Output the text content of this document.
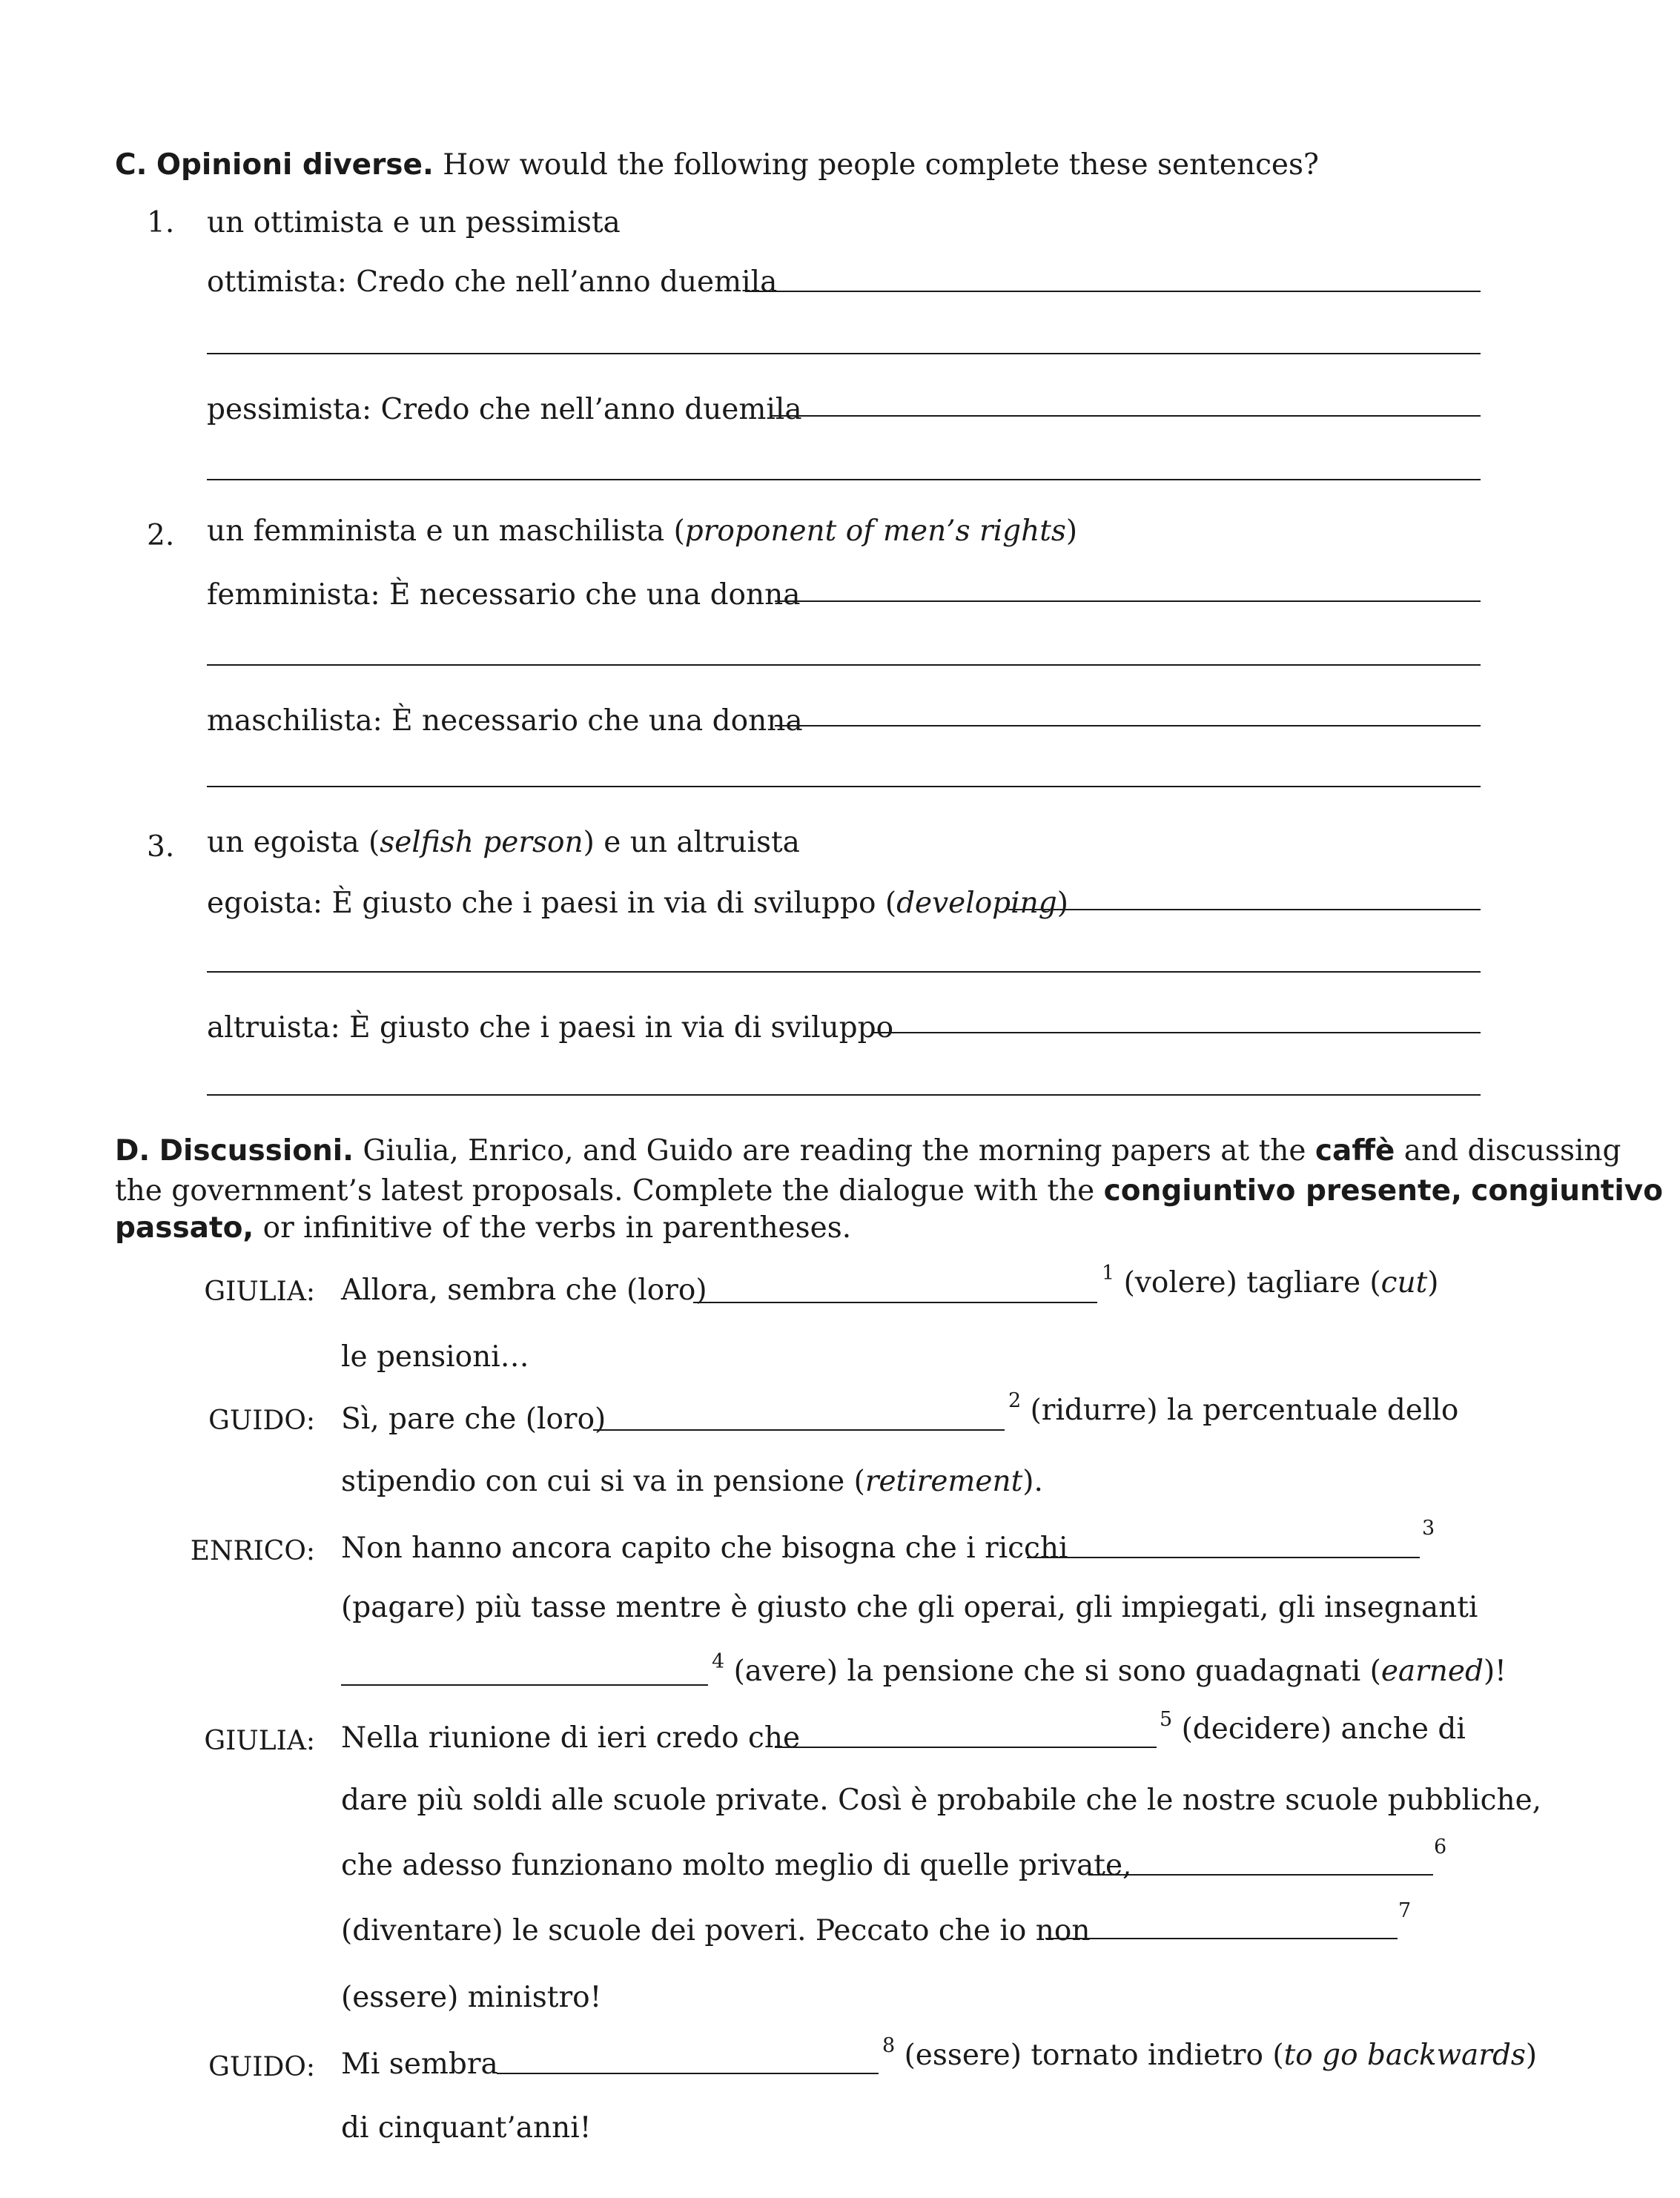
C. Opinioni diverse. How would the following people complete these sentences?
1. un ottimista e un pessimista
ottimista: Credo che nell’anno duemila
pessimista: Credo che nell’anno duemila
2. un femminista e un maschilista (proponent of men’s rights)
femminista: È necessario che una donna
maschilista: È necessario che una donna
3. un egoista (selfish person) e un altruista
egoista: È giusto che i paesi in via di sviluppo (developing)
altruista: È giusto che i paesi in via di sviluppo
D. Discussioni. Giulia, Enrico, and Guido are reading the morning papers at the caffè and discussing
the government’s latest proposals. Complete the dialogue with the congiuntivo presente, congiuntivo
passato, or infinitive of the verbs in parentheses.
GIULIA: Allora, sembra che (loro)
$^1$ (volere) tagliare (cut)
le pensioni…
GUIDO: Sì, pare che (loro)
$^2$ (ridurre) la percentuale dello
stipendio con cui si va in pensione (retirement).
ENRICO: Non hanno ancora capito che bisogna che i ricchi
3
(pagare) più tasse mentre è giusto che gli operai, gli impiegati, gli insegnanti
$^4$ (avere) la pensione che si sono guadagnati (earned)!
GIULIA: Nella riunione di ieri credo che
$^5$ (decidere) anche di
dare più soldi alle scuole private. Così è probabile che le nostre scuole pubbliche,
che adesso funzionano molto meglio di quelle private,
6
(diventare) le scuole dei poveri. Peccato che io non
7
(essere) ministro!
GUIDO: Mi sembra
$^8$ (essere) tornato indietro (to go backwards)
di cinquant’anni!
